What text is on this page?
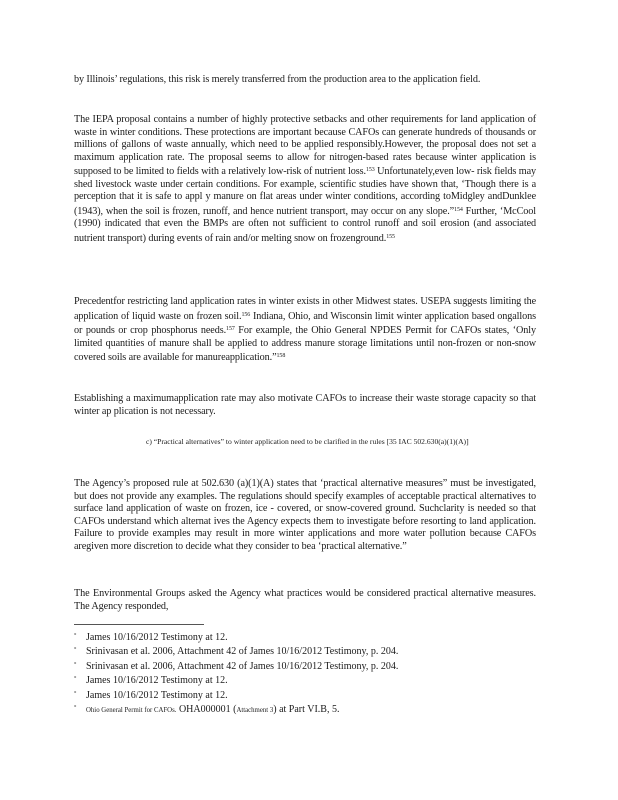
by Illinois’ regulations, this risk is merely transferred from the production area to the application field.

The IEPA proposal contains a number of highly protective setbacks and other requirements for land application of waste in winter conditions. These protections are important because CAFOs can generate hundreds of thousands or millions of gallons of waste annually, which need to be applied responsibly.However, the proposal does not set a maximum application rate. The proposal seems to allow for nitrogen-based rates because winter application is supposed to be limited to fields with a relatively low-risk of nutrient loss.$^{153}$ Unfortunately,even low- risk fields may shed livestock waste under certain conditions. For example, scientific studies have shown that, ‘Though there is a perception that it is safe to appl y manure on flat areas under winter conditions, according toMidgley andDunklee (1943), when the soil is frozen, runoff, and hence nutrient transport, may occur on any slope.”$^{154}$ Further, ‘McCool (1990) indicated that even the BMPs are often not sufficient to control runoff and soil erosion (and associated nutrient transport) during events of rain and/or melting snow on frozenground.$^{155}$

Precedentfor restricting land application rates in winter exists in other Midwest states. USEPA suggests limiting the application of liquid waste on frozen soil.$^{156}$ Indiana, Ohio, and Wisconsin limit winter application based ongallons or pounds or crop phosphorus needs.$^{157}$ For example, the Ohio General NPDES Permit for CAFOs states, ‘Only limited quantities of manure shall be applied to address manure storage limitations until non-frozen or non-snow covered soils are available for manureapplication.”$^{158}$

Establishing a maximumapplication rate may also motivate CAFOs to increase their waste storage capacity so that winter ap plication is not necessary.

c) “Practical alternatives” to winter application need to be clarified in the rules [35 IAC 502.630(a)(1)(A)]

The Agency’s proposed rule at 502.630 (a)(1)(A) states that ‘practical alternative measures” must be investigated, but does not provide any examples. The regulations should specify examples of acceptable practical alternatives to surface land application of waste on frozen, ice - covered, or snow-covered ground. Suchclarity is needed so that CAFOs understand which alternat ives the Agency expects them to investigate before resorting to land application. Failure to provide examples may result in more winter applications and more water pollution because CAFOs aregiven more discretion to decide what they consider to bea ‘practical alternative.”

The Environmental Groups asked the Agency what practices would be considered practical alternative measures. The Agency responded,

° James 10/16/2012 Testimony at 12.
° Srinivasan et al. 2006, Attachment 42 of James 10/16/2012 Testimony, p. 204.
° Srinivasan et al. 2006, Attachment 42 of James 10/16/2012 Testimony, p. 204.
° James 10/16/2012 Testimony at 12.
° James 10/16/2012 Testimony at 12.
° Ohio General Permit for CAFOs. OHA000001 (Attachment 3) at Part VI.B, 5.
